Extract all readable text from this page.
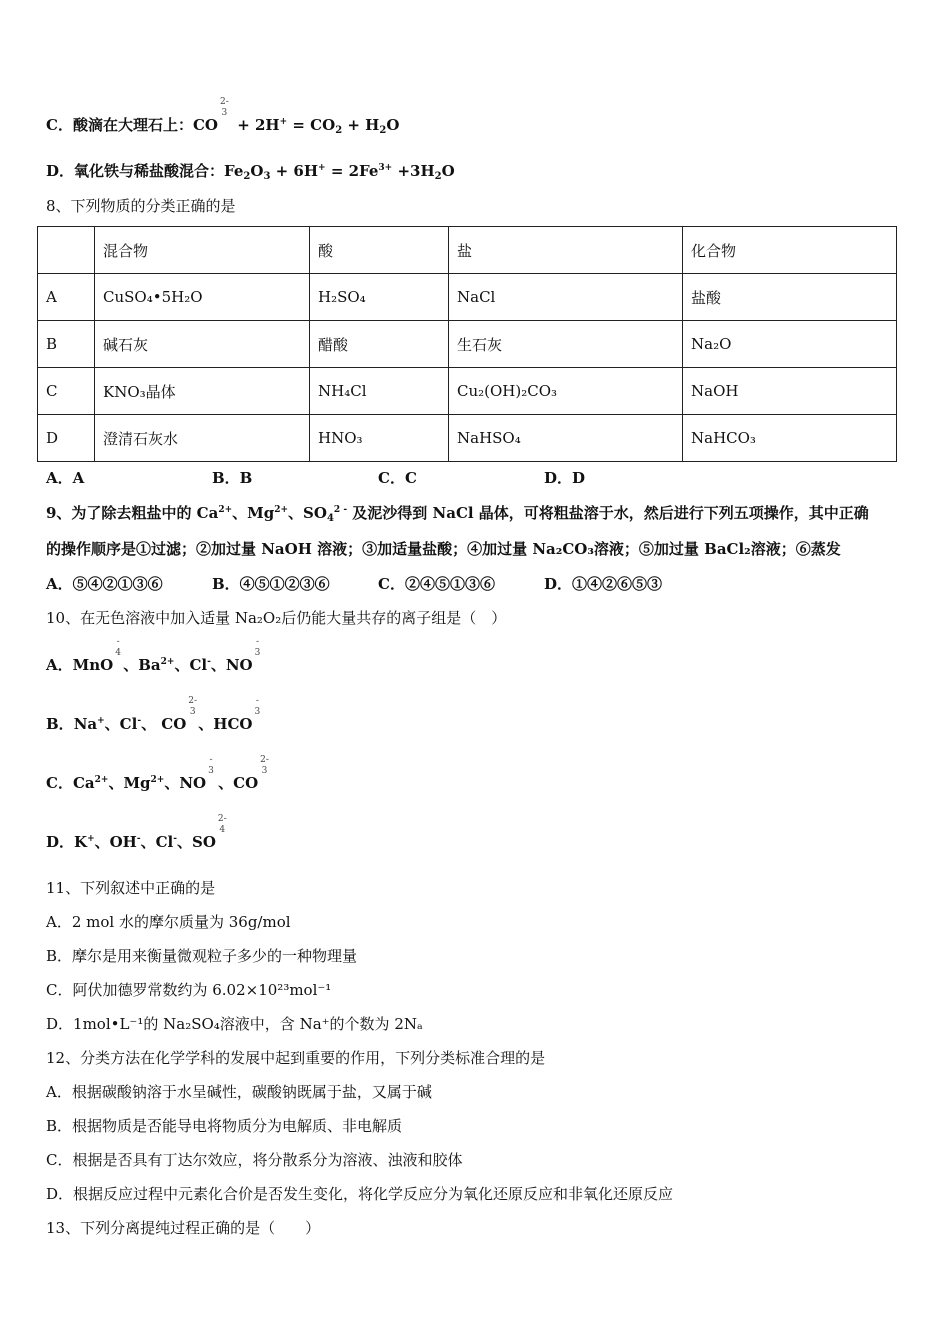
C．酸滴在大理石上：CO
2-
3
+ $2H^+ = CO_2 + H_2O$
D．氧化铁与稀盐酸混合：$Fe_2O_3 + 6H^+ = 2Fe^{3+} +3H_2O$
8、下列物质的分类正确的是
	混合物	酸	盐	化合物
A	CuSO₄•5H₂O	H₂SO₄	NaCl	盐酸
B	碱石灰	醋酸	生石灰	Na₂O
C	KNO₃晶体	NH₄Cl	Cu₂(OH)₂CO₃	NaOH
D	澄清石灰水	HNO₃	NaHSO₄	NaHCO₃
A．A	B．B	C．C	D．D
9、为了除去粗盐中的 $Ca^{2+}$、$Mg^{2+}$、$SO_4^{2 -}$ 及泥沙得到 NaCl 晶体，可将粗盐溶于水，然后进行下列五项操作，其中正确
的操作顺序是①过滤；②加过量 NaOH 溶液；③加适量盐酸；④加过量 Na₂CO₃溶液；⑤加过量 BaCl₂溶液；⑥蒸发
A．⑤④②①③⑥	B．④⑤①②③⑥	C．②④⑤①③⑥	D．①④②⑥⑤③
10、在无色溶液中加入适量 Na₂O₂后仍能大量共存的离子组是（　）
A．MnO
-
4
、$Ba^{2+}$、Cl-、NO
-
3
B．Na+、Cl-、 CO
2-
3
、HCO
-
3
C．$Ca^{2+}$、$Mg^{2+}$、NO
-
3
、CO
2-
3
D．K+、OH-、Cl-、SO
2-
4
11、下列叙述中正确的是
A．2 mol 水的摩尔质量为 36g/mol
B．摩尔是用来衡量微观粒子多少的一种物理量
C．阿伏加德罗常数约为 6.02×10²³mol⁻¹
D．1mol•L⁻¹的 Na₂SO₄溶液中，含 Na⁺的个数为 2Nₐ
12、分类方法在化学学科的发展中起到重要的作用，下列分类标准合理的是
A．根据碳酸钠溶于水呈碱性，碳酸钠既属于盐，又属于碱
B．根据物质是否能导电将物质分为电解质、非电解质
C．根据是否具有丁达尔效应，将分散系分为溶液、浊液和胶体
D．根据反应过程中元素化合价是否发生变化，将化学反应分为氧化还原反应和非氧化还原反应
13、下列分离提纯过程正确的是（　　）
